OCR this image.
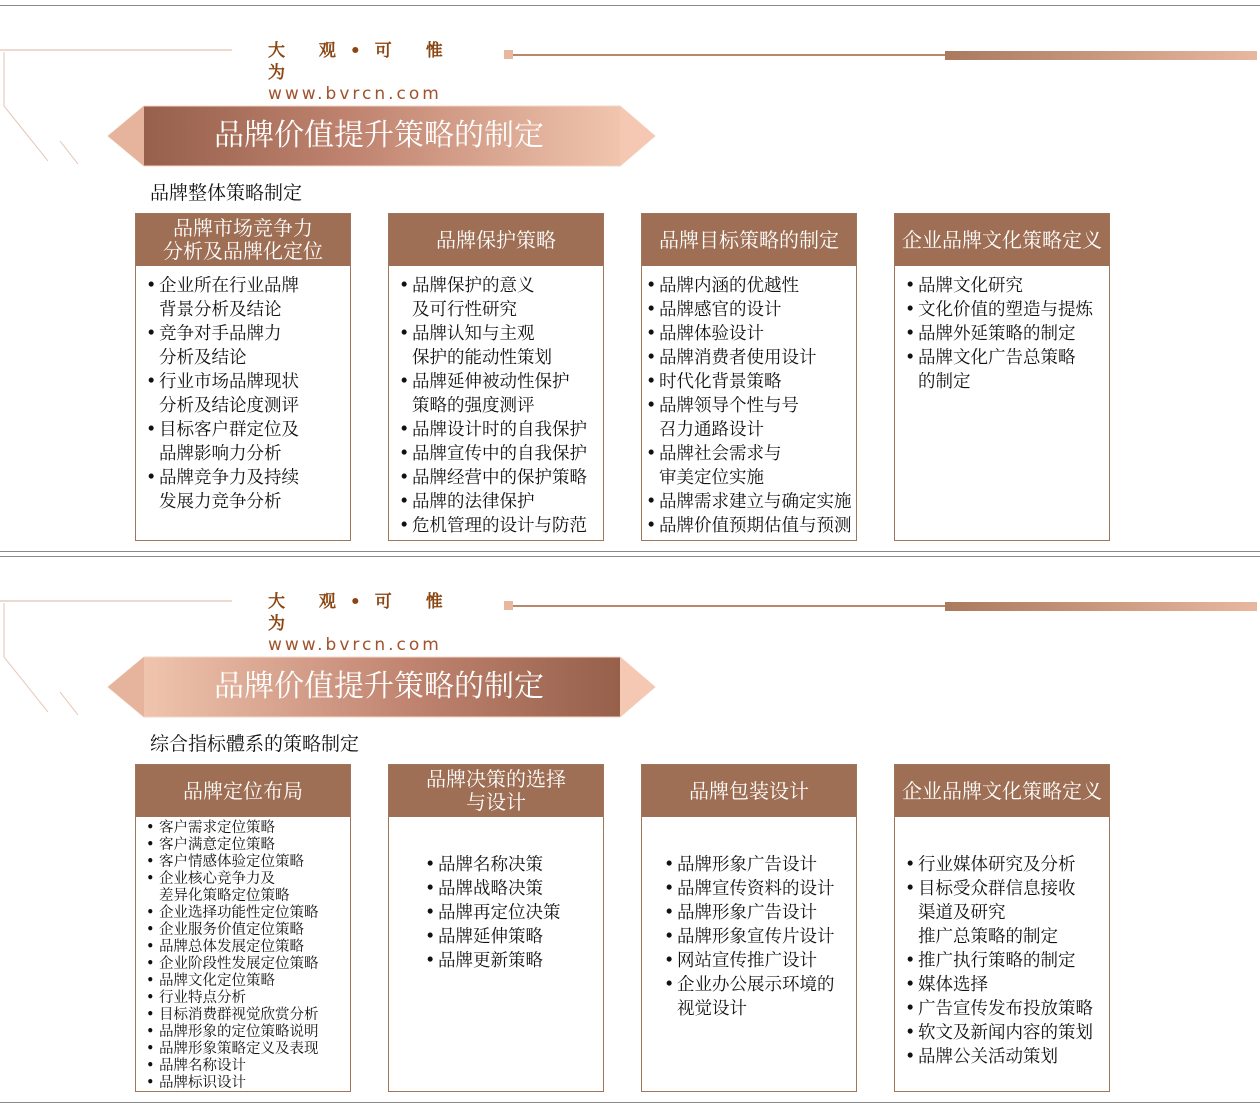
大 观•可 惟 为
www.bvrcn.com
品牌价值提升策略的制定
品牌整体策略制定
品牌市场竞争力
分析及品牌化定位
• 企业所在行业品牌
背景分析及结论
• 竞争对手品牌力
分析及结论
• 行业市场品牌现状
分析及结论度测评
• 目标客户群定位及
品牌影响力分析
• 品牌竞争力及持续
发展力竞争分析
品牌保护策略
• 品牌保护的意义
及可行性研究
• 品牌认知与主观
保护的能动性策划
• 品牌延伸被动性保护
策略的强度测评
• 品牌设计时的自我保护
• 品牌宣传中的自我保护
• 品牌经营中的保护策略
• 品牌的法律保护
• 危机管理的设计与防范
品牌目标策略的制定
• 品牌内涵的优越性
• 品牌感官的设计
• 品牌体验设计
• 品牌消费者使用设计
• 时代化背景策略
• 品牌领导个性与号
召力通路设计
• 品牌社会需求与
审美定位实施
• 品牌需求建立与确定实施
• 品牌价值预期估值与预测
企业品牌文化策略定义
• 品牌文化研究
• 文化价值的塑造与提炼
• 品牌外延策略的制定
• 品牌文化广告总策略
的制定
大 观•可 惟 为
www.bvrcn.com
品牌价值提升策略的制定
综合指标體系的策略制定
品牌定位布局
• 客户需求定位策略
• 客户满意定位策略
• 客户情感体验定位策略
• 企业核心竞争力及
差异化策略定位策略
• 企业选择功能性定位策略
• 企业服务价值定位策略
• 品牌总体发展定位策略
• 企业阶段性发展定位策略
• 品牌文化定位策略
• 行业特点分析
• 目标消费群视觉欣赏分析
• 品牌形象的定位策略说明
• 品牌形象策略定义及表现
• 品牌名称设计
• 品牌标识设计
品牌决策的选择
与设计
• 品牌名称决策
• 品牌战略决策
• 品牌再定位决策
• 品牌延伸策略
• 品牌更新策略
品牌包装设计
• 品牌形象广告设计
• 品牌宣传资料的设计
• 品牌形象广告设计
• 品牌形象宣传片设计
• 网站宣传推广设计
• 企业办公展示环境的
视觉设计
企业品牌文化策略定义
• 行业媒体研究及分析
• 目标受众群信息接收
渠道及研究
推广总策略的制定
• 推广执行策略的制定
• 媒体选择
• 广告宣传发布投放策略
• 软文及新闻内容的策划
• 品牌公关活动策划
